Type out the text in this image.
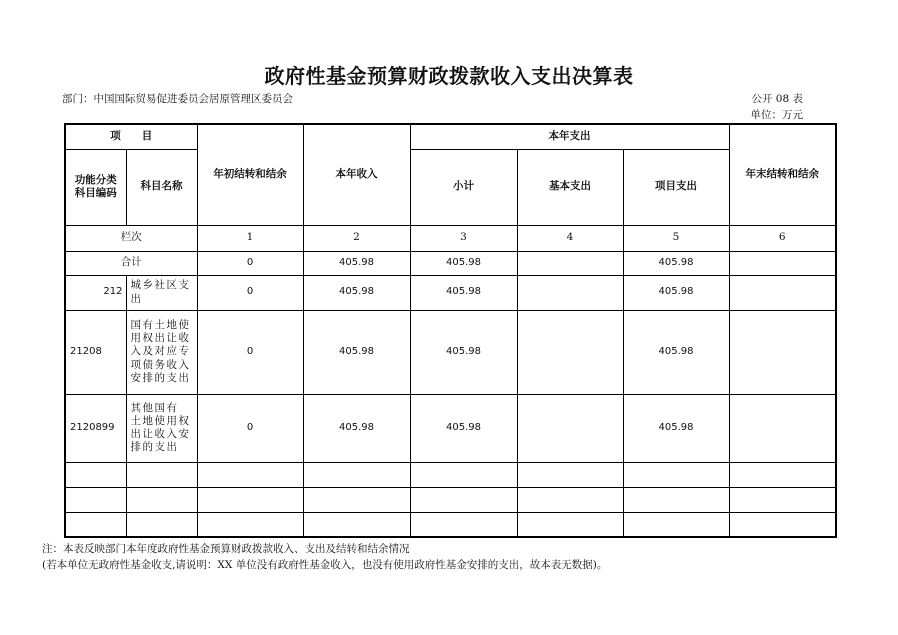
政府性基金预算财政拨款收入支出决算表
部门：中国国际贸易促进委员会居原管理区委员会	公开 08 表
单位：万元
项　　目		年初结转和结余	本年收入	本年支出			年末结转和结余
功能分类
科目编码	科目名称			小计	基本支出	项目支出	
栏次		1	2	3	4	5	6
合计		0	405.98	405.98		405.98	
212	城乡社区支
出	0	405.98	405.98		405.98	
21208	国有土地使
用权出让收
入及对应专
项债务收入
安排的支出	0	405.98	405.98		405.98	
2120899	其他国有
土地使用权
出让收入安
排的支出	0	405.98	405.98		405.98	

注：本表反映部门本年度政府性基金预算财政拨款收入、支出及结转和结余情况
(若本单位无政府性基金收支,请说明：XX 单位没有政府性基金收入，也没有使用政府性基金安排的支出，故本表无数据)。
